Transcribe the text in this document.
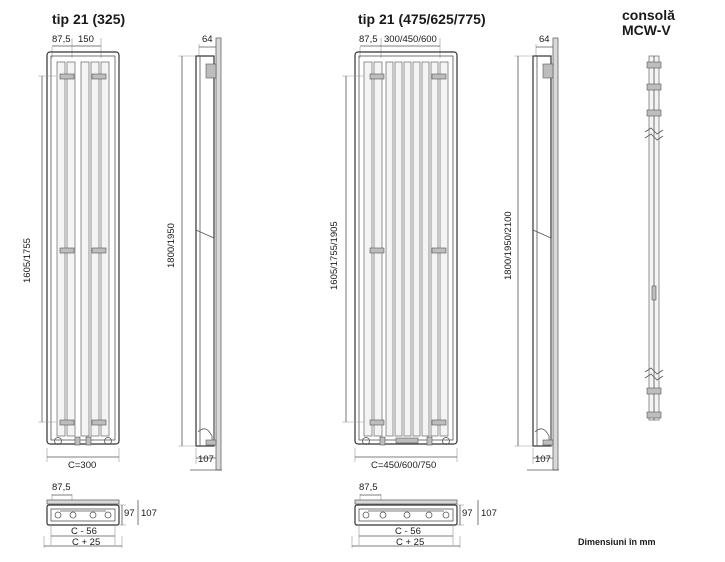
tip 21 (325)	tip 21 (475/625/775)	consolă
MCW-V
87,5 150
1605/1755
C=300
64
1800/1950
107
87,5
97 107
C - 56
C + 25
87,5 300/450/600
1605/1755/1905
C=450/600/750
64
1800/1950/2100
107
87,5
97 107
C - 56
C + 25	Dimensiuni în mm
